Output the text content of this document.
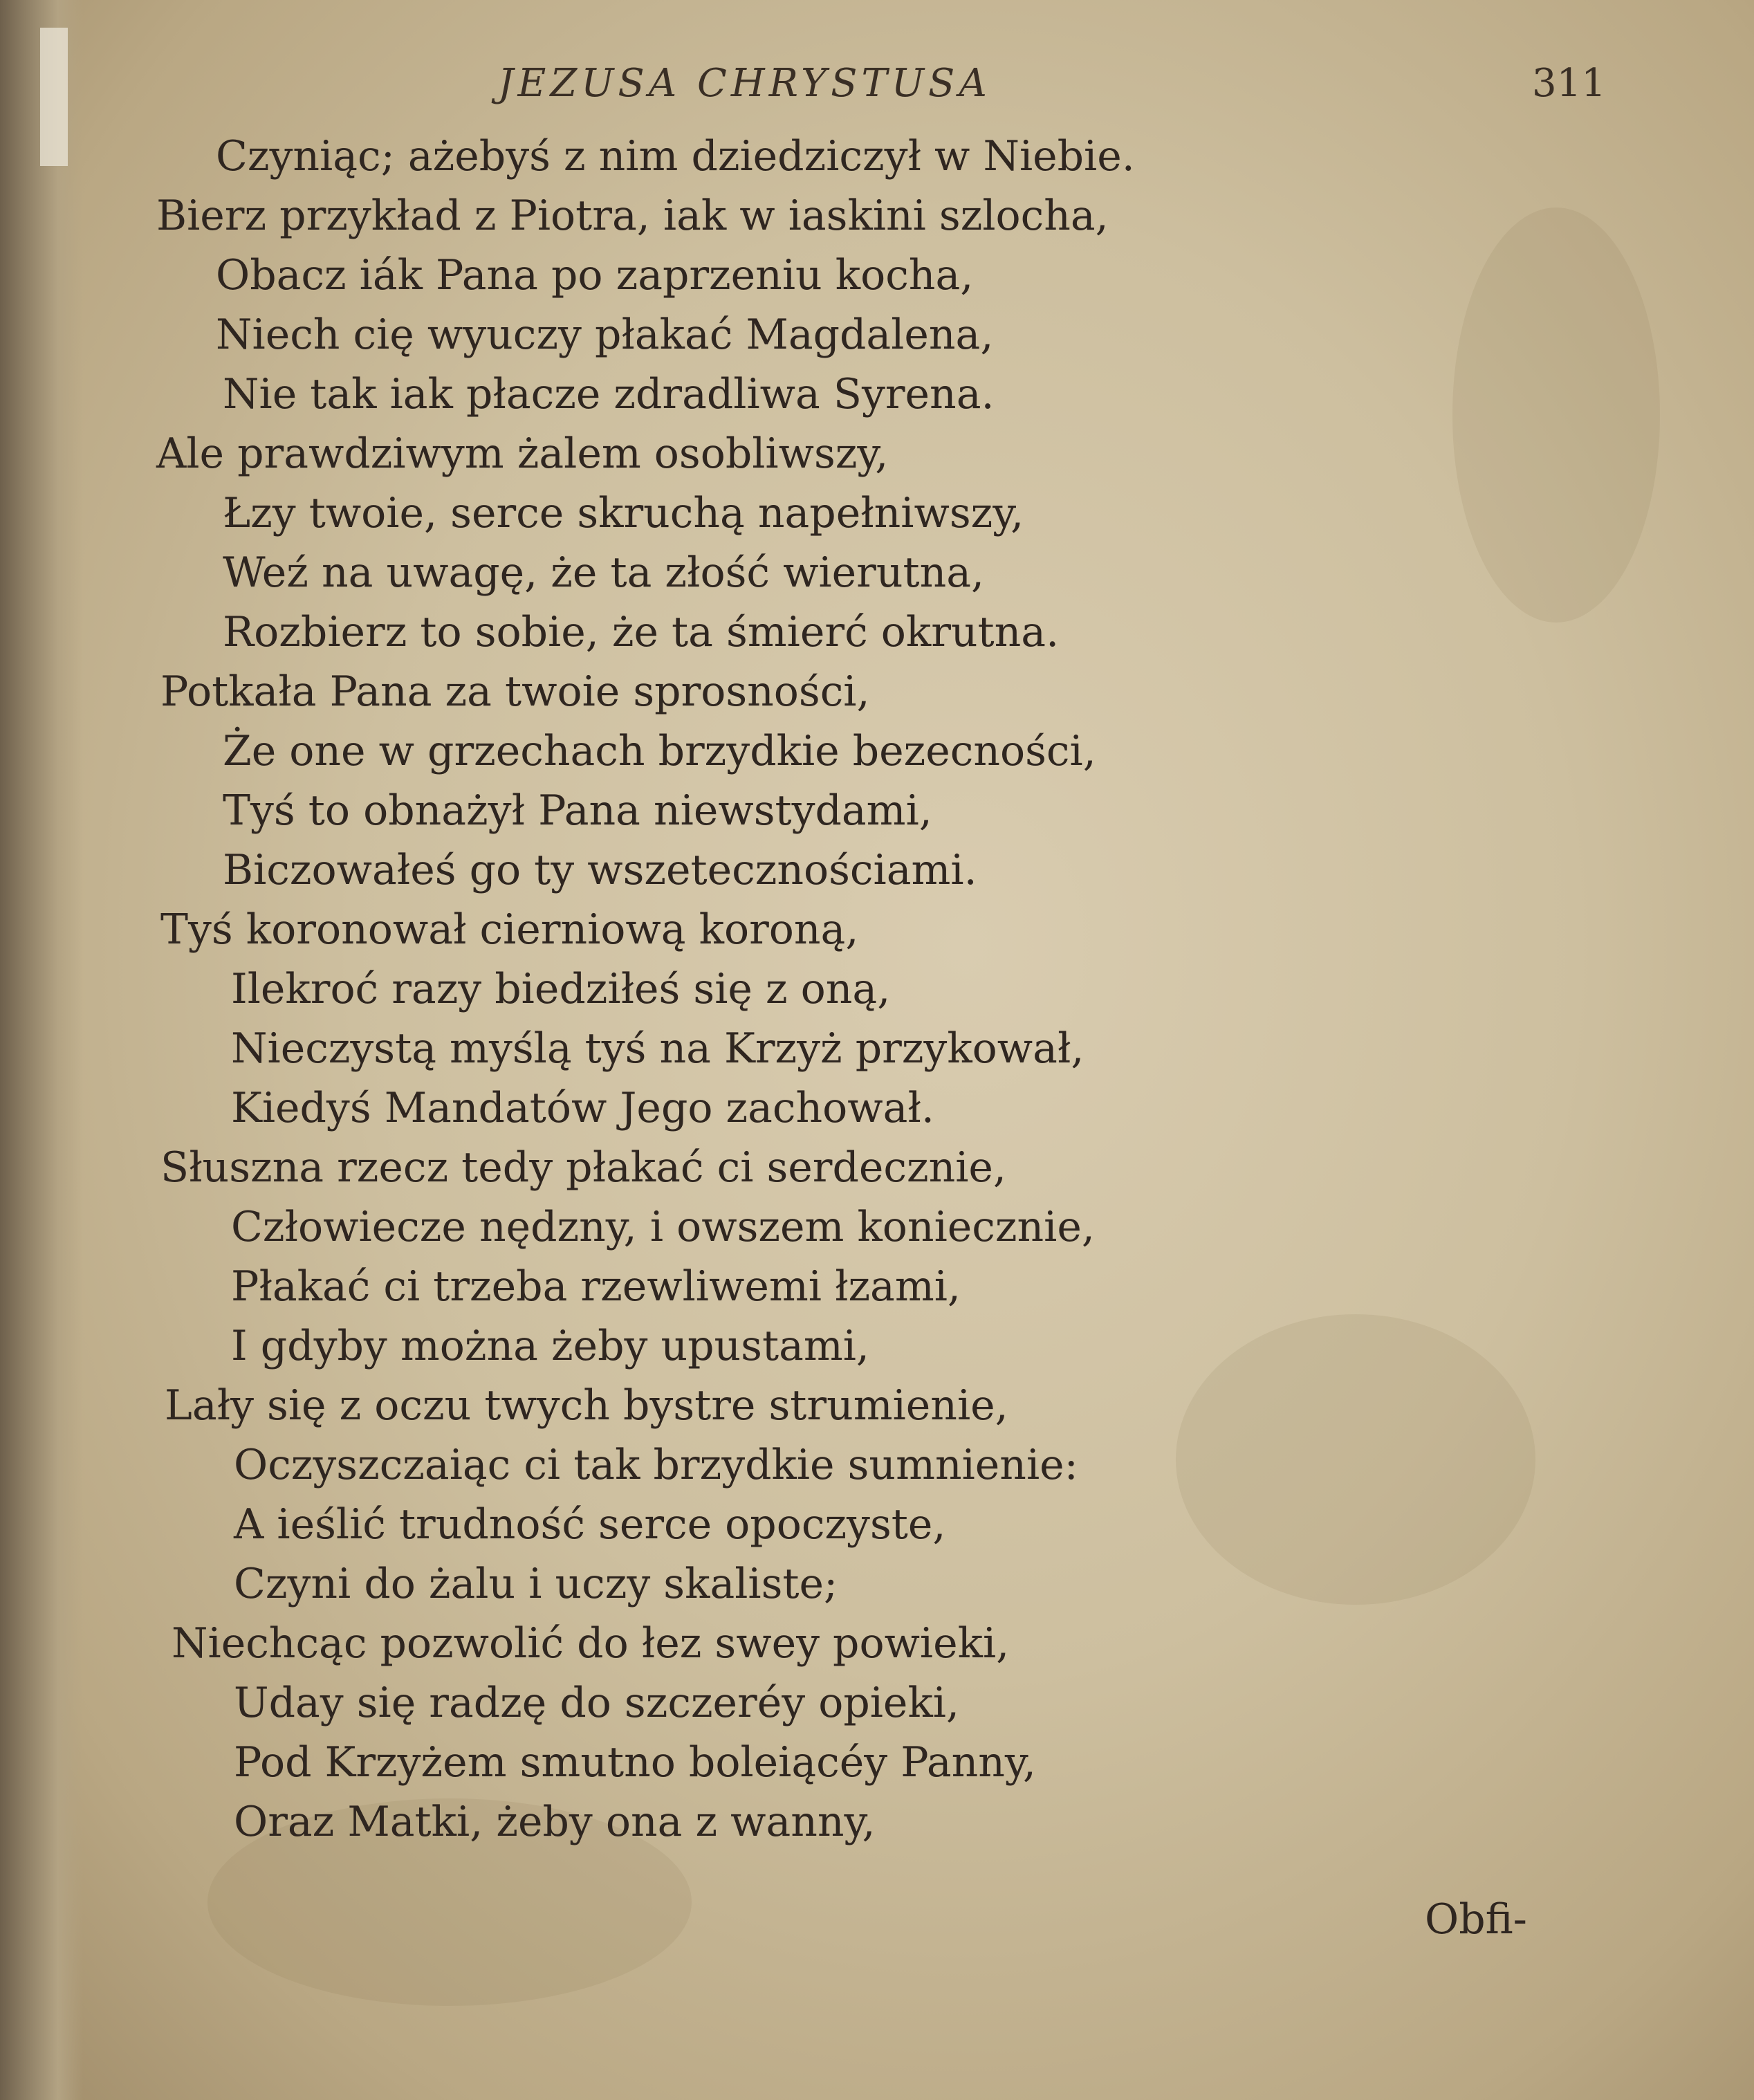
JEZUSA CHRYSTUSA	311
Czyniąc; ażebyś z nim dziedziczył w Niebie.
Bierz przykład z Piotra, iak w iaskini szlocha,
Obacz iák Pana po zaprzeniu kocha,
Niech cię wyuczy płakać Magdalena,
Nie tak iak płacze zdradliwa Syrena.
Ale prawdziwym żalem osobliwszy,
Łzy twoie, serce skruchą napełniwszy,
Weź na uwagę, że ta złość wierutna,
Rozbierz to sobie, że ta śmierć okrutna.
Potkała Pana za twoie sprosności,
Że one w grzechach brzydkie bezecności,
Tyś to obnażył Pana niewstydami,
Biczowałeś go ty wszetecznościami.
Tyś koronował cierniową koroną,
Ilekroć razy biedziłeś się z oną,
Nieczystą myślą tyś na Krzyż przykował,
Kiedyś Mandatów Jego zachował.
Słuszna rzecz tedy płakać ci serdecznie,
Człowiecze nędzny, i owszem koniecznie,
Płakać ci trzeba rzewliwemi łzami,
I gdyby można żeby upustami,
Lały się z oczu twych bystre strumienie,
Oczyszczaiąc ci tak brzydkie sumnienie:
A ieślić trudność serce opoczyste,
Czyni do żalu i uczy skaliste;
Niechcąc pozwolić do łez swey powieki,
Uday się radzę do szczeréy opieki,
Pod Krzyżem smutno boleiącéy Panny,
Oraz Matki, żeby ona z wanny,
Obfi-
